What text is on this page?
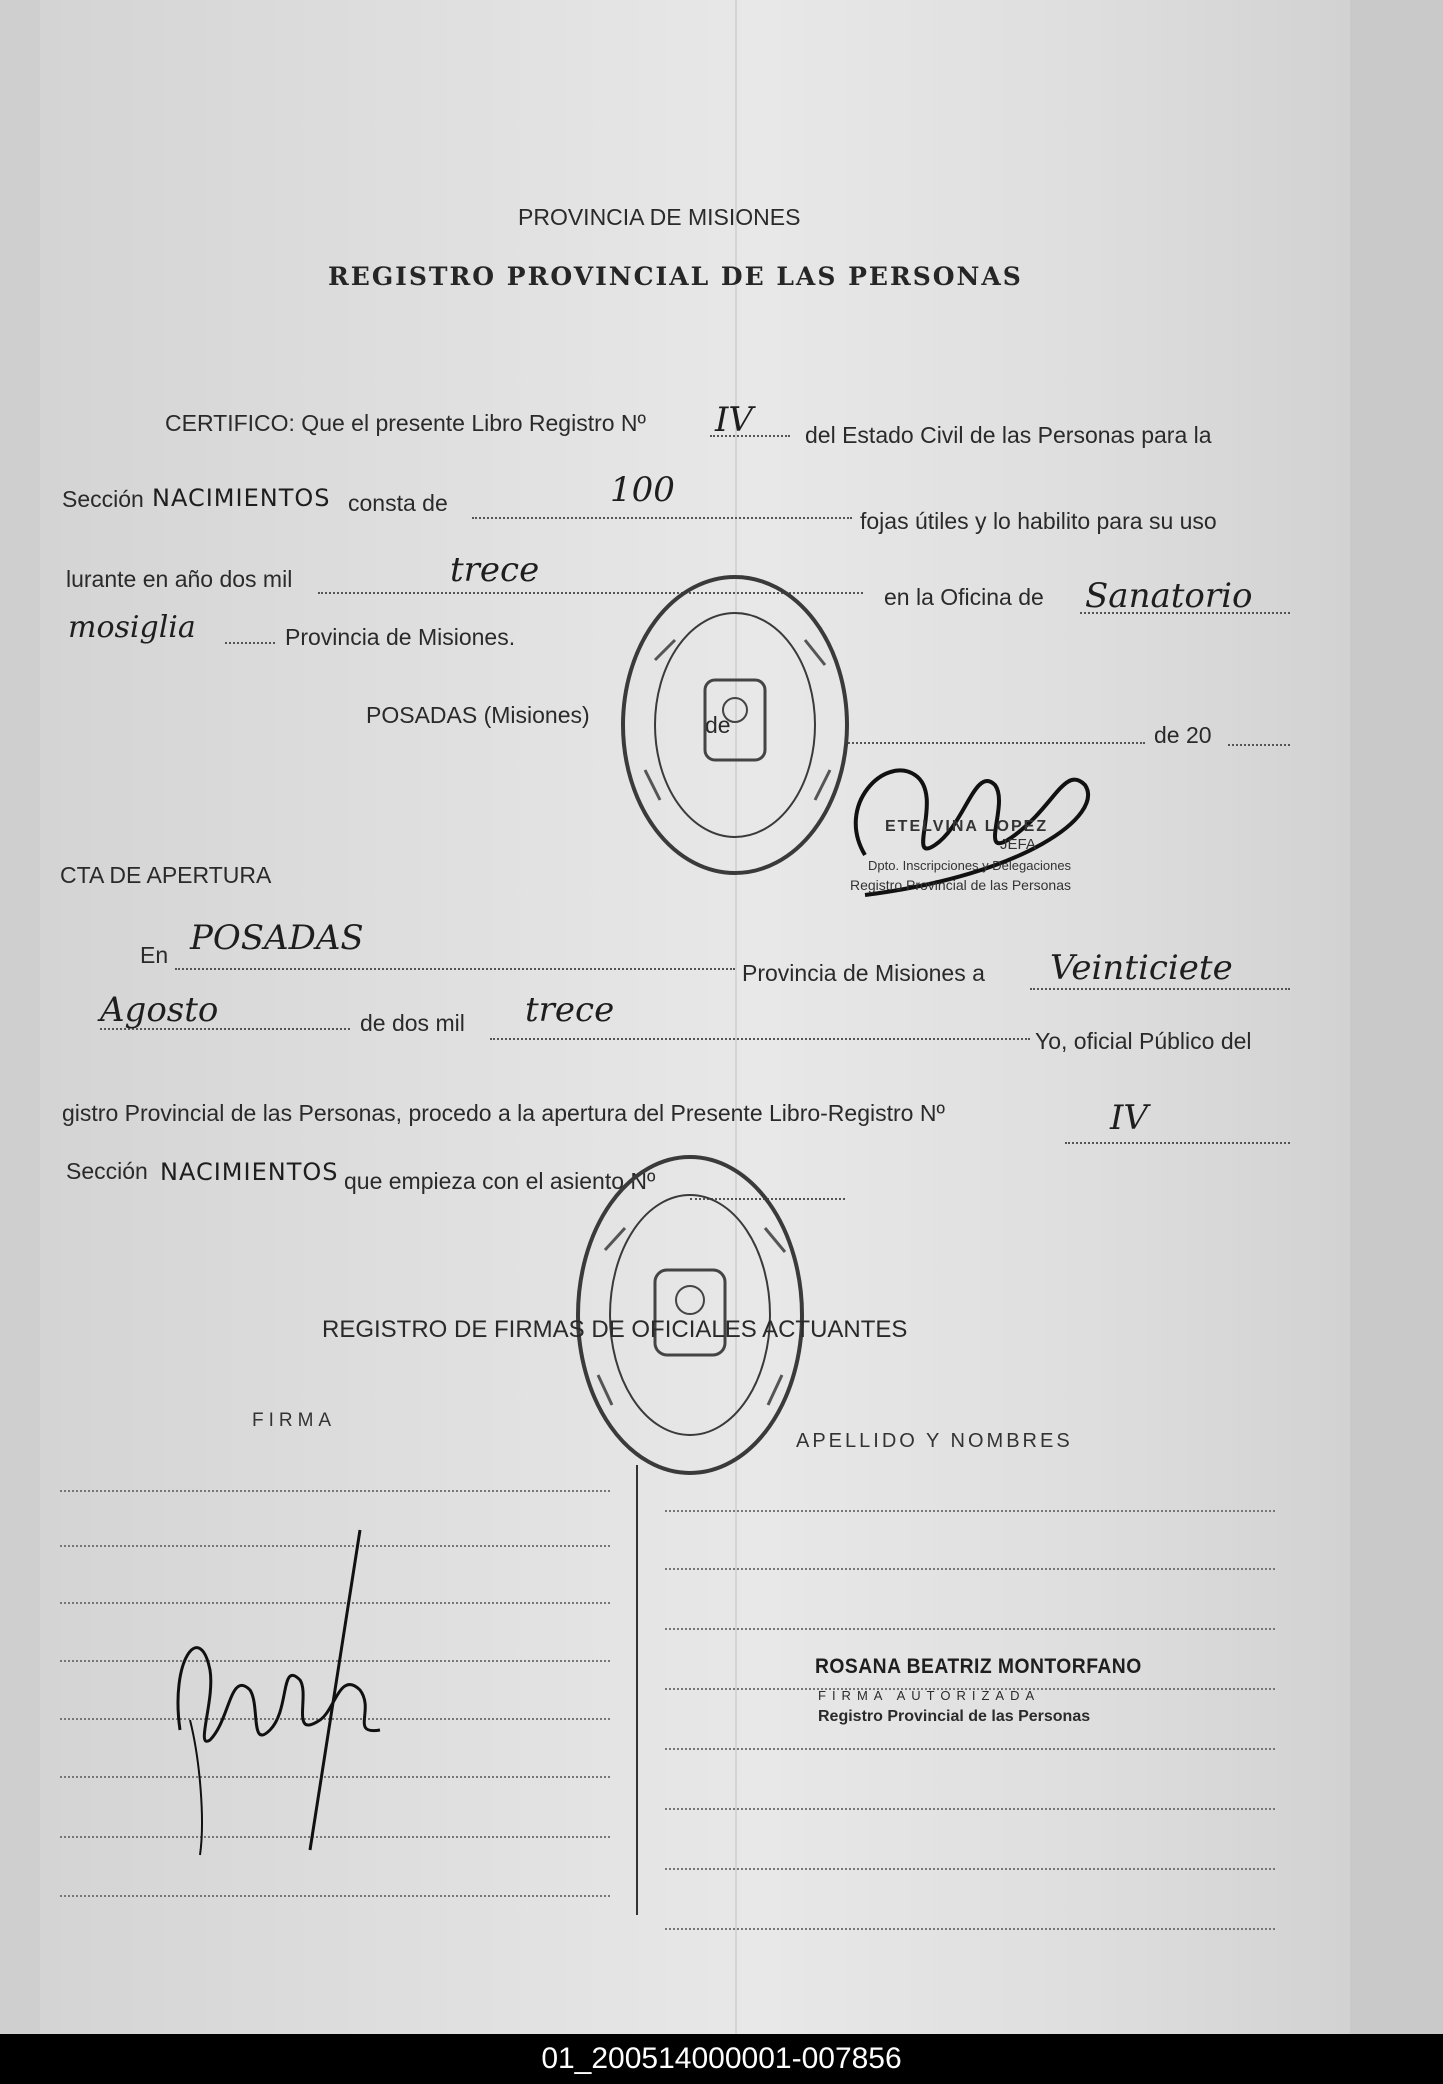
PROVINCIA DE MISIONES
REGISTRO PROVINCIAL DE LAS PERSONAS
CERTIFICO: Que el presente Libro Registro Nº IV del Estado Civil de las Personas para la
Sección NACIMIENTOS consta de	100
fojas útiles y lo habilito para su uso
lurante en año dos mil	trece
en la Oficina de Sanatorio
mosiglia	Provincia de Misiones.
POSADAS (Misiones)	de	de 20
ETELVINA LOPEZ
JEFA
Dpto. Inscripciones y Delegaciones
Registro Provincial de las Personas
CTA DE APERTURA
En POSADAS
Provincia de Misiones a Veinticiete
Agosto	de dos mil trece
Yo, oficial Público del
gistro Provincial de las Personas, procedo a la apertura del Presente Libro-Registro Nº	IV
Sección NACIMIENTOS que empieza con el asiento Nº
REGISTRO DE FIRMAS DE OFICIALES ACTUANTES
FIRMA
APELLIDO Y NOMBRES
ROSANA BEATRIZ MONTORFANO
FIRMA AUTORIZADA
Registro Provincial de las Personas
01_200514000001-007856
